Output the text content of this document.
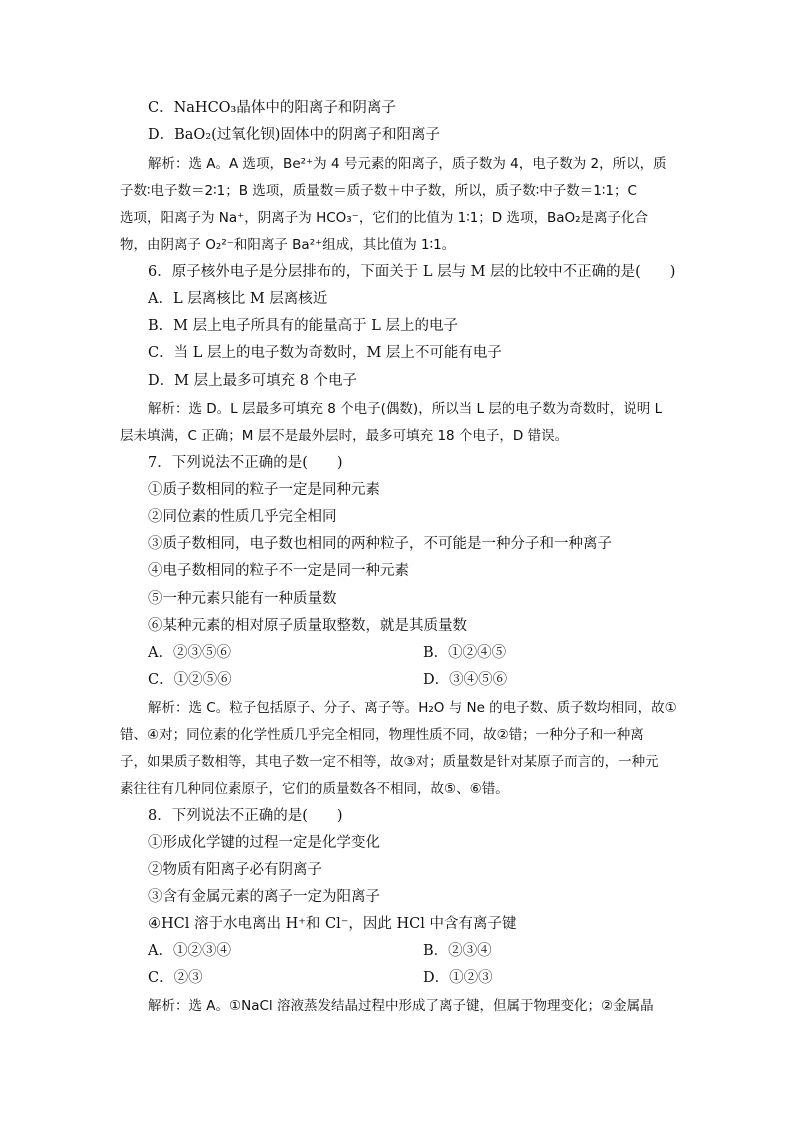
C．NaHCO₃晶体中的阳离子和阴离子
D．BaO₂(过氧化钡)固体中的阴离子和阳离子
解析：选 A。A 选项，Be²⁺为 4 号元素的阳离子，质子数为 4，电子数为 2，所以，质
子数∶电子数＝2∶1；B 选项，质量数＝质子数＋中子数，所以，质子数∶中子数＝1∶1；C
选项，阳离子为 Na⁺，阴离子为 HCO₃⁻，它们的比值为 1∶1；D 选项，BaO₂是离子化合
物，由阴离子 O₂²⁻和阳离子 Ba²⁺组成，其比值为 1∶1。
6．原子核外电子是分层排布的，下面关于 L 层与 M 层的比较中不正确的是(　　)
A．L 层离核比 M 层离核近
B．M 层上电子所具有的能量高于 L 层上的电子
C．当 L 层上的电子数为奇数时，M 层上不可能有电子
D．M 层上最多可填充 8 个电子
解析：选 D。L 层最多可填充 8 个电子(偶数)，所以当 L 层的电子数为奇数时，说明 L
层未填满，C 正确；M 层不是最外层时，最多可填充 18 个电子，D 错误。
7．下列说法不正确的是(　　)
①质子数相同的粒子一定是同种元素
②同位素的性质几乎完全相同
③质子数相同，电子数也相同的两种粒子，不可能是一种分子和一种离子
④电子数相同的粒子不一定是同一种元素
⑤一种元素只能有一种质量数
⑥某种元素的相对原子质量取整数，就是其质量数
A．②③⑤⑥	B．①②④⑤
C．①②⑤⑥	D．③④⑤⑥
解析：选 C。粒子包括原子、分子、离子等。H₂O 与 Ne 的电子数、质子数均相同，故①
错、④对；同位素的化学性质几乎完全相同，物理性质不同，故②错；一种分子和一种离
子，如果质子数相等，其电子数一定不相等，故③对；质量数是针对某原子而言的，一种元
素往往有几种同位素原子，它们的质量数各不相同，故⑤、⑥错。
8．下列说法不正确的是(　　)
①形成化学键的过程一定是化学变化
②物质有阳离子必有阴离子
③含有金属元素的离子一定为阳离子
④HCl 溶于水电离出 H⁺和 Cl⁻，因此 HCl 中含有离子键
A．①②③④	B．②③④
C．②③	D．①②③
解析：选 A。①NaCl 溶液蒸发结晶过程中形成了离子键，但属于物理变化；②金属晶
